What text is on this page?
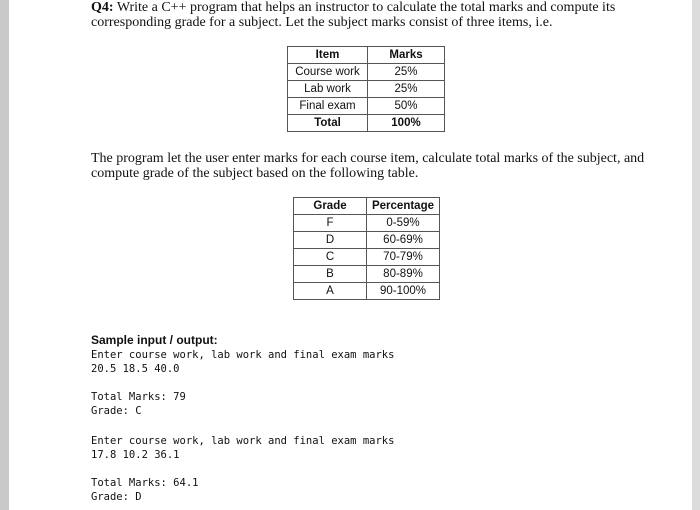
Q4: Write a C++ program that helps an instructor to calculate the total marks and compute its corresponding grade for a subject. Let the subject marks consist of three items, i.e.

Item	Marks
Course work	25%
Lab work	25%
Final exam	50%
Total	100%

The program let the user enter marks for each course item, calculate total marks of the subject, and compute grade of the subject based on the following table.

Grade	Percentage
F	0-59%
D	60-69%
C	70-79%
B	80-89%
A	90-100%

Sample input / output:

Enter course work, lab work and final exam marks

20.5 18.5 40.0

Total Marks: 79

Grade: C

Enter course work, lab work and final exam marks

17.8 10.2 36.1

Total Marks: 64.1

Grade: D
